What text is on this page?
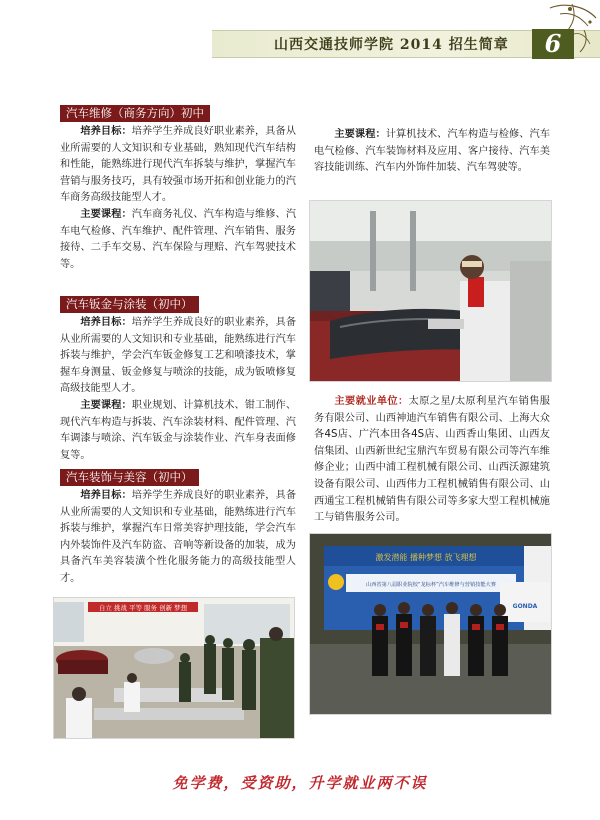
山西交通技师学院 2014 招生简章	6
汽车维修（商务方向）初中

培养目标：培养学生养成良好职业素养，具备从业所需要的人文知识和专业基础，熟知现代汽车结构和性能，能熟练进行现代汽车拆装与维护，掌握汽车营销与服务技巧，具有较强市场开拓和创业能力的汽车商务高级技能型人才。

主要课程：汽车商务礼仪、汽车构造与维修、汽车电气检修、汽车维护、配件管理、汽车销售、服务接待、二手车交易、汽车保险与理赔、汽车驾驶技术等。

汽车钣金与涂装（初中）

培养目标：培养学生养成良好的职业素养，具备从业所需要的人文知识和专业基础，能熟练进行汽车拆装与维护，学会汽车钣金修复工艺和喷漆技术，掌握车身测量、钣金修复与喷涂的技能，成为钣喷修复高级技能型人才。

主要课程：职业规划、计算机技术、钳工制作、现代汽车构造与拆装、汽车涂装材料、配件管理、汽车调漆与喷涂、汽车钣金与涂装作业、汽车身表面修复等。

汽车装饰与美容（初中）

培养目标：培养学生养成良好的职业素养，具备从业所需要的人文知识和专业基础，能熟练进行汽车拆装与维护，掌握汽车日常美容护理技能，学会汽车内外装饰件及汽车防盗、音响等新设备的加装，成为具备汽车美容装潢个性化服务能力的高级技能型人才。

自立 挑战 平等 服务 创新 梦想

主要课程：计算机技术、汽车构造与检修、汽车电气检修、汽车装饰材料及应用、客户接待、汽车美容技能训练、汽车内外饰件加装、汽车驾驶等。

主要就业单位：太原之星/太原利星汽车销售服务有限公司、山西神迪汽车销售有限公司、上海大众各4S店、广汽本田各4S店、山西香山集团、山西友信集团、山西新世纪宝鼎汽车贸易有限公司等汽车维修企业；山西中浦工程机械有限公司、山西沃源建筑设备有限公司、山西伟力工程机械销售有限公司、山西通宝工程机械销售有限公司等多家大型工程机械施工与销售服务公司。

激发潜能 播种梦想 放飞理想
山西省第八届职业院校“龙标杯”汽车维修与营销技能大赛
GONDA
免学费，受资助，升学就业两不误
